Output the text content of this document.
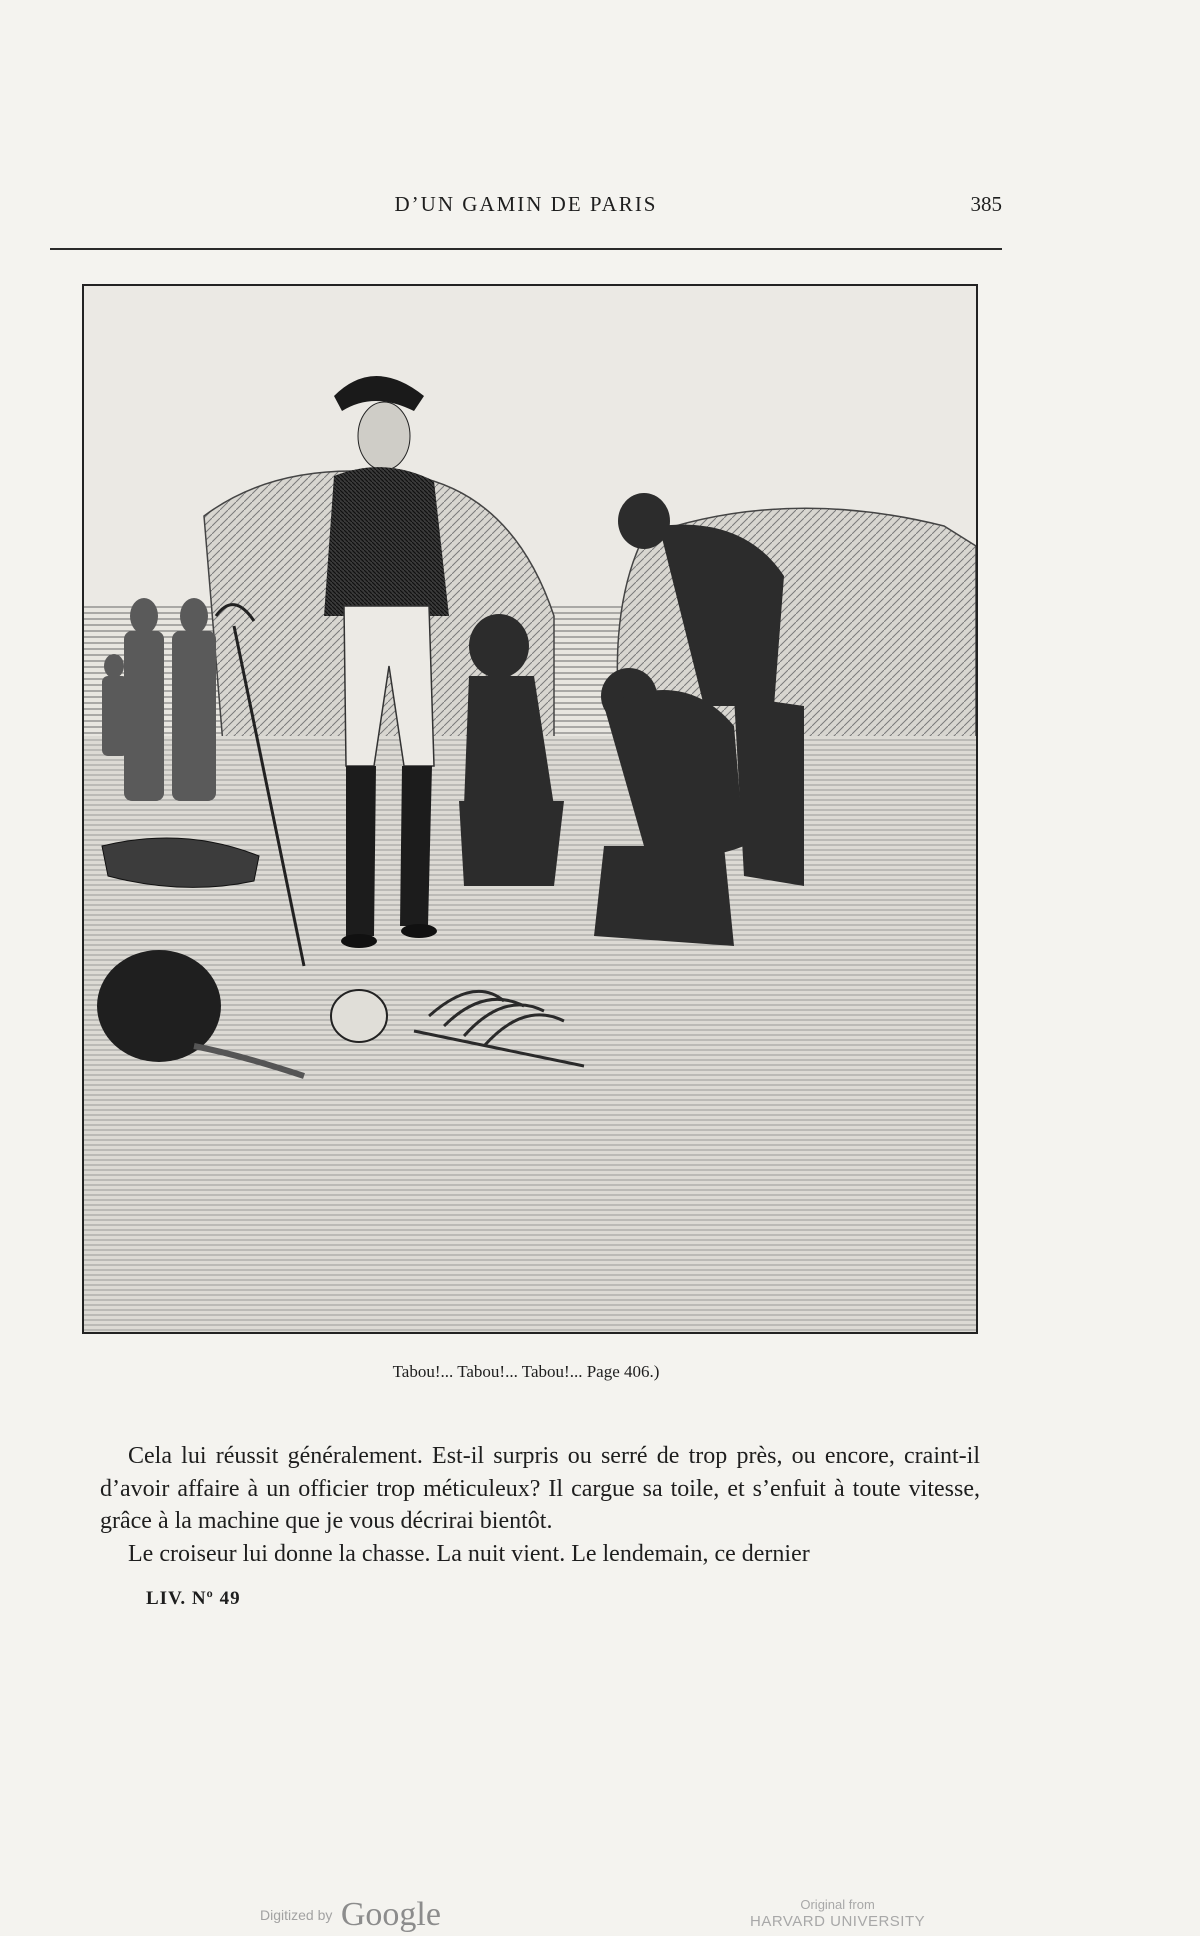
D’UN GAMIN DE PARIS	385
Tabou!... Tabou!... Tabou!... Page 406.)

Cela lui réussit généralement. Est-il surpris ou serré de trop près, ou encore, craint-il d’avoir affaire à un officier trop méticuleux? Il cargue sa toile, et s’enfuit à toute vitesse, grâce à la machine que je vous décrirai bientôt.

Le croiseur lui donne la chasse. La nuit vient. Le lendemain, ce dernier

LIV. Nº 49
Digitized by Google	Original from
HARVARD UNIVERSITY
